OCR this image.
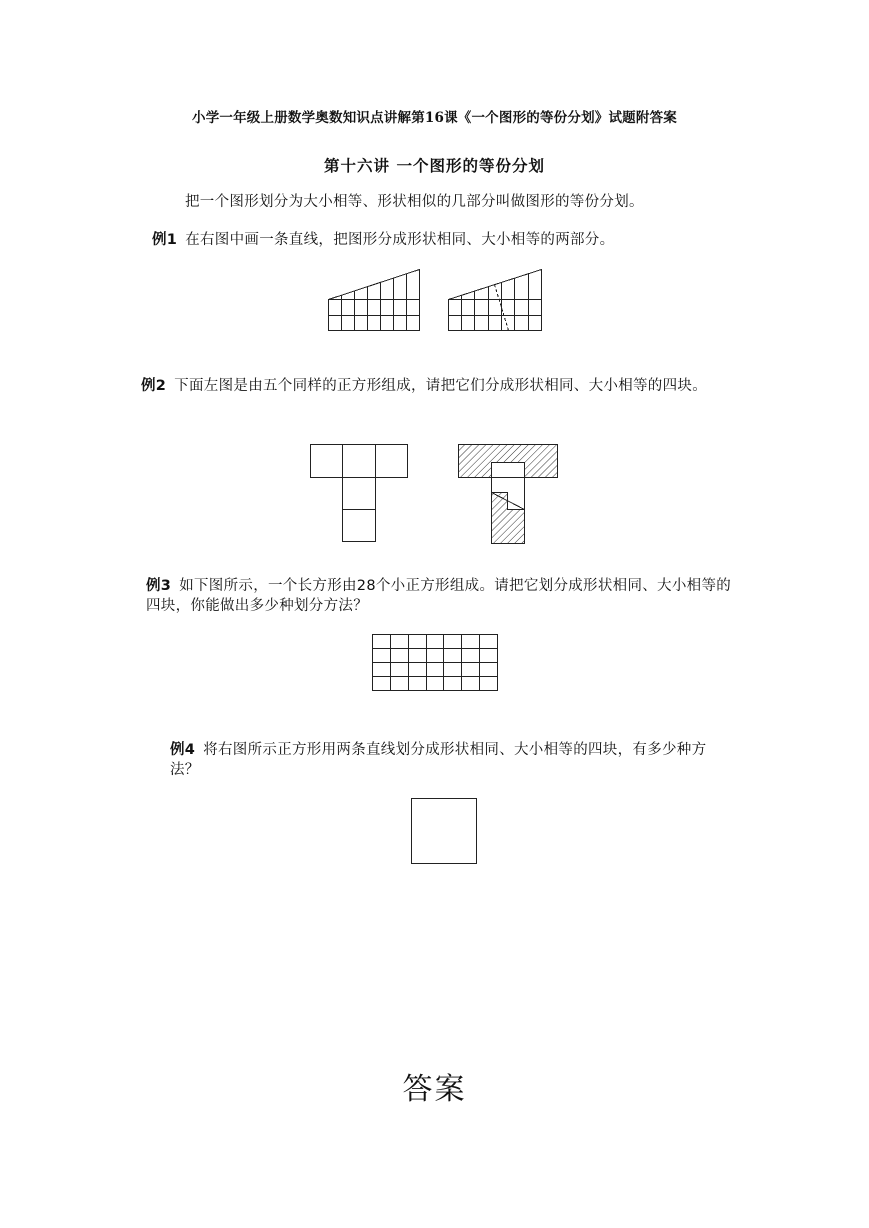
小学一年级上册数学奥数知识点讲解第16课《一个图形的等份分划》试题附答案
第十六讲 一个图形的等份分划
把一个图形划分为大小相等、形状相似的几部分叫做图形的等份分划。
例1 在右图中画一条直线，把图形分成形状相同、大小相等的两部分。
例2 下面左图是由五个同样的正方形组成，请把它们分成形状相同、大小相等的四块。
例3 如下图所示，一个长方形由28个小正方形组成。请把它划分成形状相同、大小相等的四块，你能做出多少种划分方法？
例4 将右图所示正方形用两条直线划分成形状相同、大小相等的四块，有多少种方法？
答案
